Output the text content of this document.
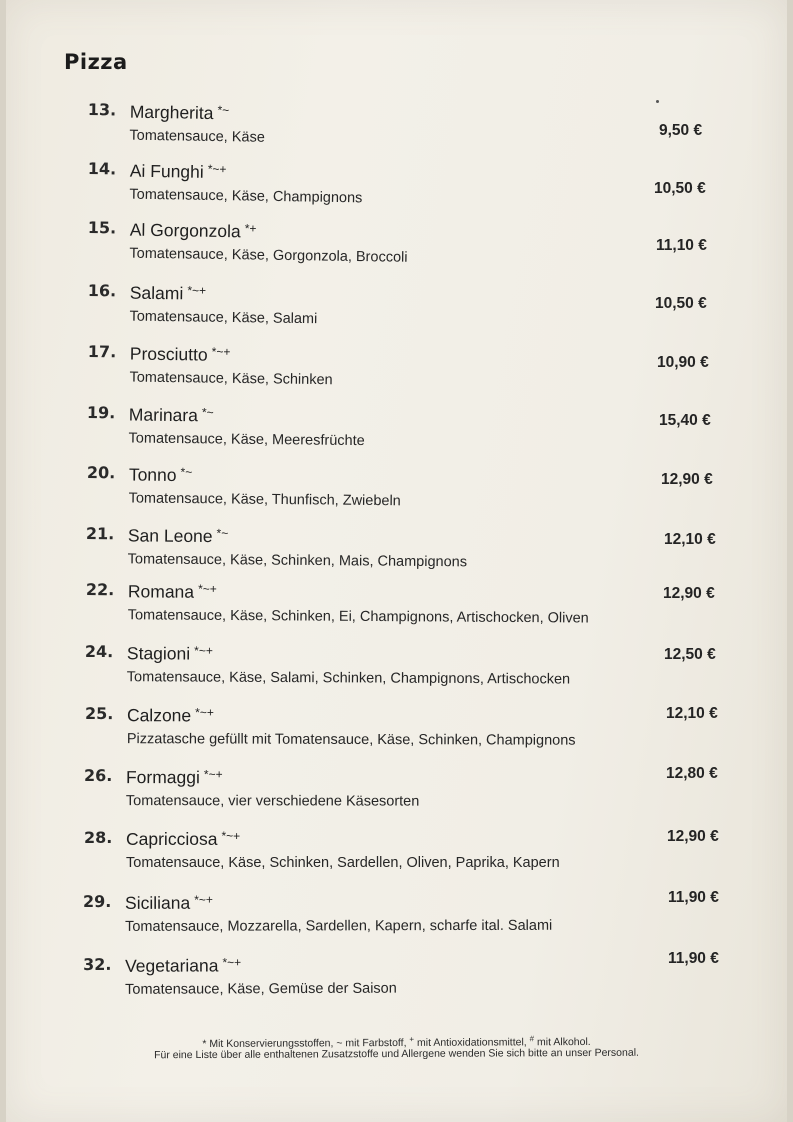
Pizza
13. Margherita *~
Tomatensauce, Käse	9,50 €
14. Ai Funghi *~+
Tomatensauce, Käse, Champignons	10,50 €
15. Al Gorgonzola *+
Tomatensauce, Käse, Gorgonzola, Broccoli
11,10 €
16. Salami *~+
Tomatensauce, Käse, Salami
10,50 €
17. Prosciutto *~+
Tomatensauce, Käse, Schinken
10,90 €
19. Marinara *~
Tomatensauce, Käse, Meeresfrüchte
15,40 €
20. Tonno *~
Tomatensauce, Käse, Thunfisch, Zwiebeln
12,90 €
21. San Leone *~
Tomatensauce, Käse, Schinken, Mais, Champignons
12,10 €
22. Romana *~+
Tomatensauce, Käse, Schinken, Ei, Champignons, Artischocken, Oliven
12,90 €
24. Stagioni *~+
Tomatensauce, Käse, Salami, Schinken, Champignons, Artischocken
12,50 €
25. Calzone *~+
Pizzatasche gefüllt mit Tomatensauce, Käse, Schinken, Champignons
12,10 €
26. Formaggi *~+
Tomatensauce, vier verschiedene Käsesorten
12,80 €
28. Capricciosa *~+
Tomatensauce, Käse, Schinken, Sardellen, Oliven, Paprika, Kapern
12,90 €
29. Siciliana *~+
Tomatensauce, Mozzarella, Sardellen, Kapern, scharfe ital. Salami
11,90 €
32. Vegetariana *~+
Tomatensauce, Käse, Gemüse der Saison
11,90 €
* Mit Konservierungsstoffen, ~ mit Farbstoff, + mit Antioxidationsmittel, # mit Alkohol.
Für eine Liste über alle enthaltenen Zusatzstoffe und Allergene wenden Sie sich bitte an unser Personal.
